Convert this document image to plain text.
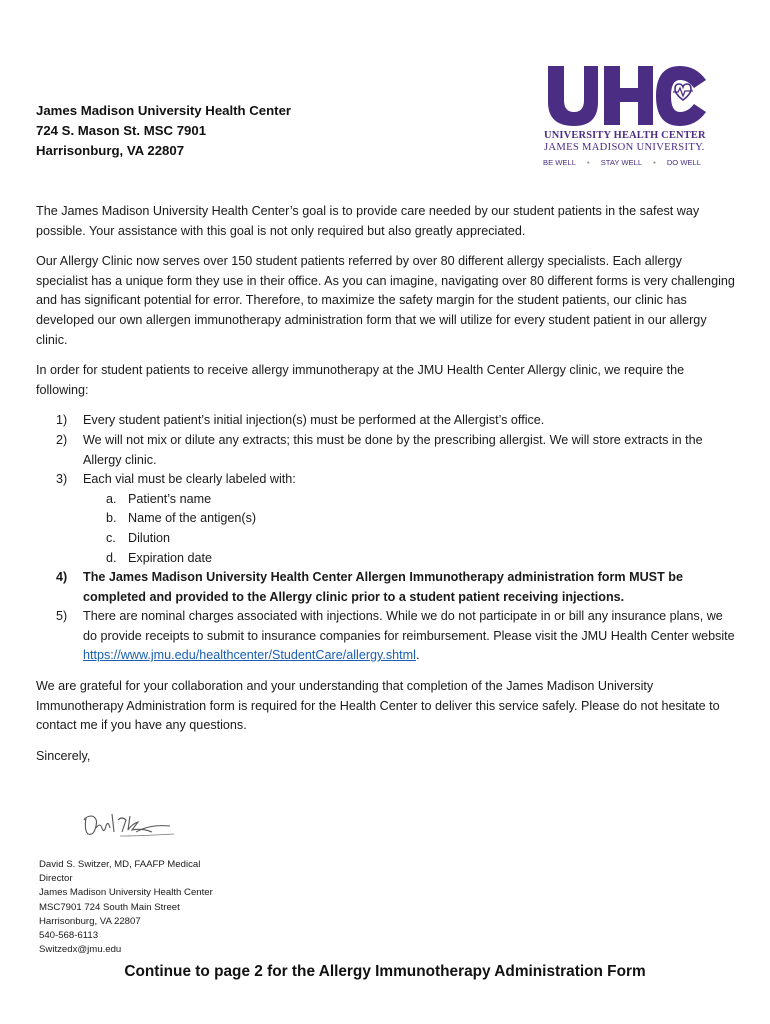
James Madison University Health Center
724 S. Mason St. MSC 7901
Harrisonburg, VA 22807
UNIVERSITY HEALTH CENTER
JAMES MADISON UNIVERSITY.
BE WELL • STAY WELL • DO WELL

The James Madison University Health Center’s goal is to provide care needed by our student patients in the safest way possible. Your assistance with this goal is not only required but also greatly appreciated.

Our Allergy Clinic now serves over 150 student patients referred by over 80 different allergy specialists. Each allergy specialist has a unique form they use in their office. As you can imagine, navigating over 80 different forms is very challenging and has significant potential for error. Therefore, to maximize the safety margin for the student patients, our clinic has developed our own allergen immunotherapy administration form that we will utilize for every student patient in our allergy clinic.

In order for student patients to receive allergy immunotherapy at the JMU Health Center Allergy clinic, we require the following:

1) Every student patient’s initial injection(s) must be performed at the Allergist’s office.
2) We will not mix or dilute any extracts; this must be done by the prescribing allergist. We will store extracts in the Allergy clinic.
3) Each vial must be clearly labeled with:
a. Patient’s name
b. Name of the antigen(s)
c. Dilution
d. Expiration date
4) The James Madison University Health Center Allergen Immunotherapy administration form MUST be completed and provided to the Allergy clinic prior to a student patient receiving injections.
5) There are nominal charges associated with injections. While we do not participate in or bill any insurance plans, we do provide receipts to submit to insurance companies for reimbursement. Please visit the JMU Health Center website https://www.jmu.edu/healthcenter/StudentCare/allergy.shtml.

We are grateful for your collaboration and your understanding that completion of the James Madison University Immunotherapy Administration form is required for the Health Center to deliver this service safely. Please do not hesitate to contact me if you have any questions.

Sincerely,

David S. Switzer, MD, FAAFP Medical
Director
James Madison University Health Center
MSC7901 724 South Main Street
Harrisonburg, VA 22807
540-568-6113
Switzedx@jmu.edu
Continue to page 2 for the Allergy Immunotherapy Administration Form
